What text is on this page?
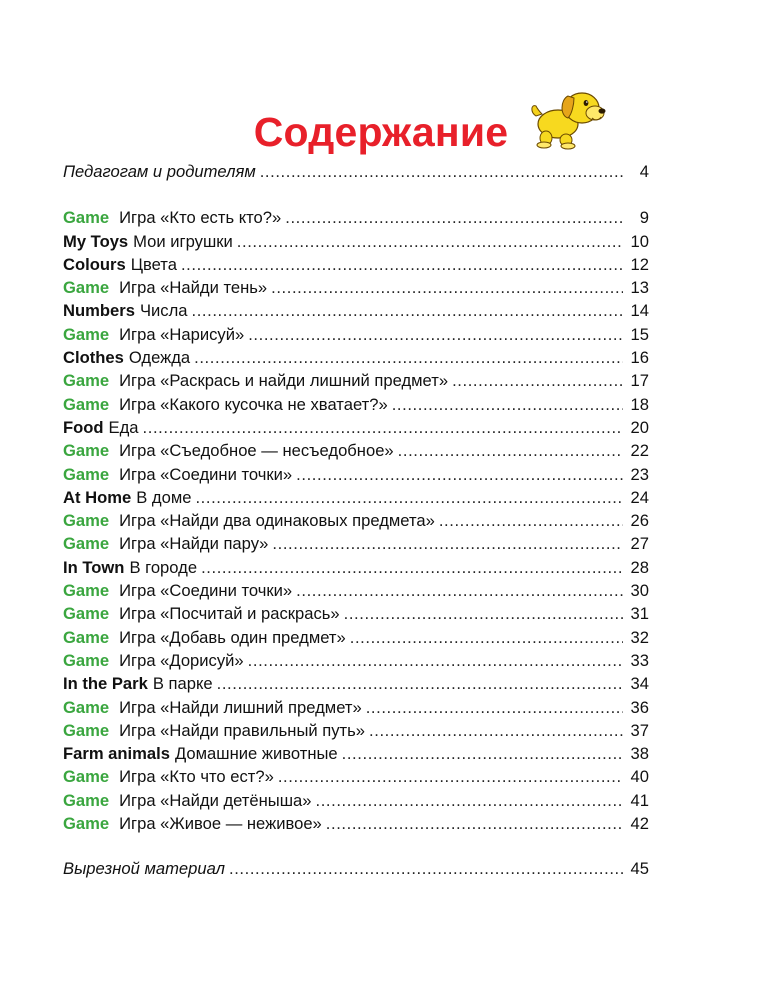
Содержание
Педагогам и родителям .....	4
Game Игра «Кто есть кто?» .....	9
My Toys Мои игрушки .....	10
Colours Цвета .....	12
Game Игра «Найди тень» .....	13
Numbers Числа .....	14
Game Игра «Нарисуй» .....	15
Clothes Одежда .....	16
Game Игра «Раскрась и найди лишний предмет» .....	17
Game Игра «Какого кусочка не хватает?» .....	18
Food Еда .....	20
Game Игра «Съедобное — несъедобное» .....	22
Game Игра «Соедини точки» .....	23
At Home В доме .....	24
Game Игра «Найди два одинаковых предмета» .....	26
Game Игра «Найди пару» .....	27
In Town В городе .....	28
Game Игра «Соедини точки» .....	30
Game Игра «Посчитай и раскрась» .....	31
Game Игра «Добавь один предмет» .....	32
Game Игра «Дорисуй» .....	33
In the Park В парке .....	34
Game Игра «Найди лишний предмет» .....	36
Game Игра «Найди правильный путь» .....	37
Farm animals Домашние животные .....	38
Game Игра «Кто что ест?» .....	40
Game Игра «Найди детёныша» .....	41
Game Игра «Живое — неживое» .....	42
Вырезной материал .....	45
